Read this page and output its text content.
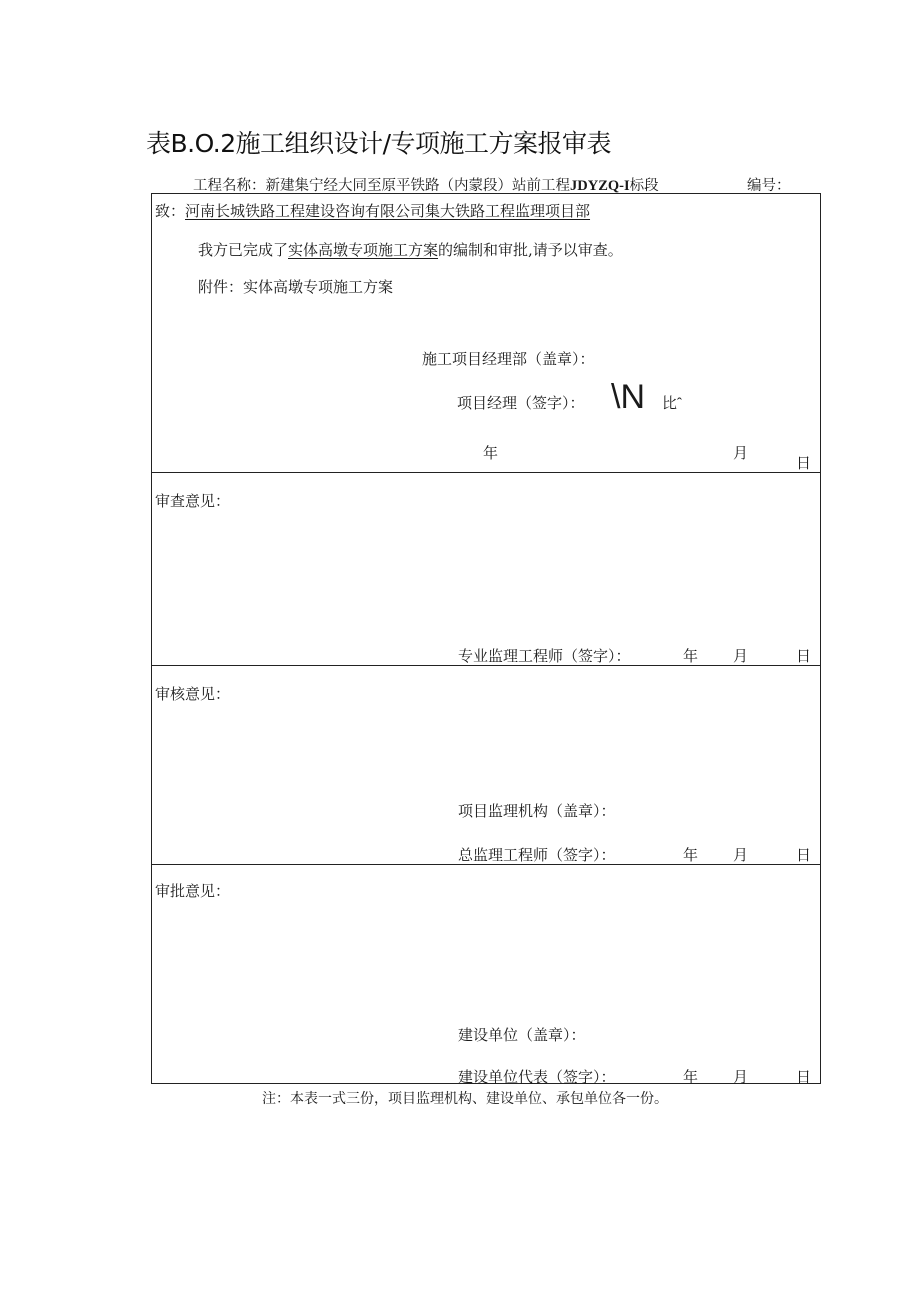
表B.O.2施工组织设计/专项施工方案报审表
工程名称：新建集宁经大同至原平铁路（内蒙段）站前工程JDYZQ-I标段	编号：
致：河南长城铁路工程建设咨询有限公司集大铁路工程监理项目部
我方已完成了实体高墩专项施工方案的编制和审批,请予以审查。
附件：实体高墩专项施工方案
施工项目经理部（盖章）：
项目经理（签字）： \N 比ˆ
年	月
日
审查意见：
专业监理工程师（签字）：	年 月	日
审核意见：
项目监理机构（盖章）：
总监理工程师（签字）：	年 月	日
审批意见：
建设单位（盖章）：
建设单位代表（签字）：	年 月	日
注：本表一式三份，项目监理机构、建设单位、承包单位各一份。
